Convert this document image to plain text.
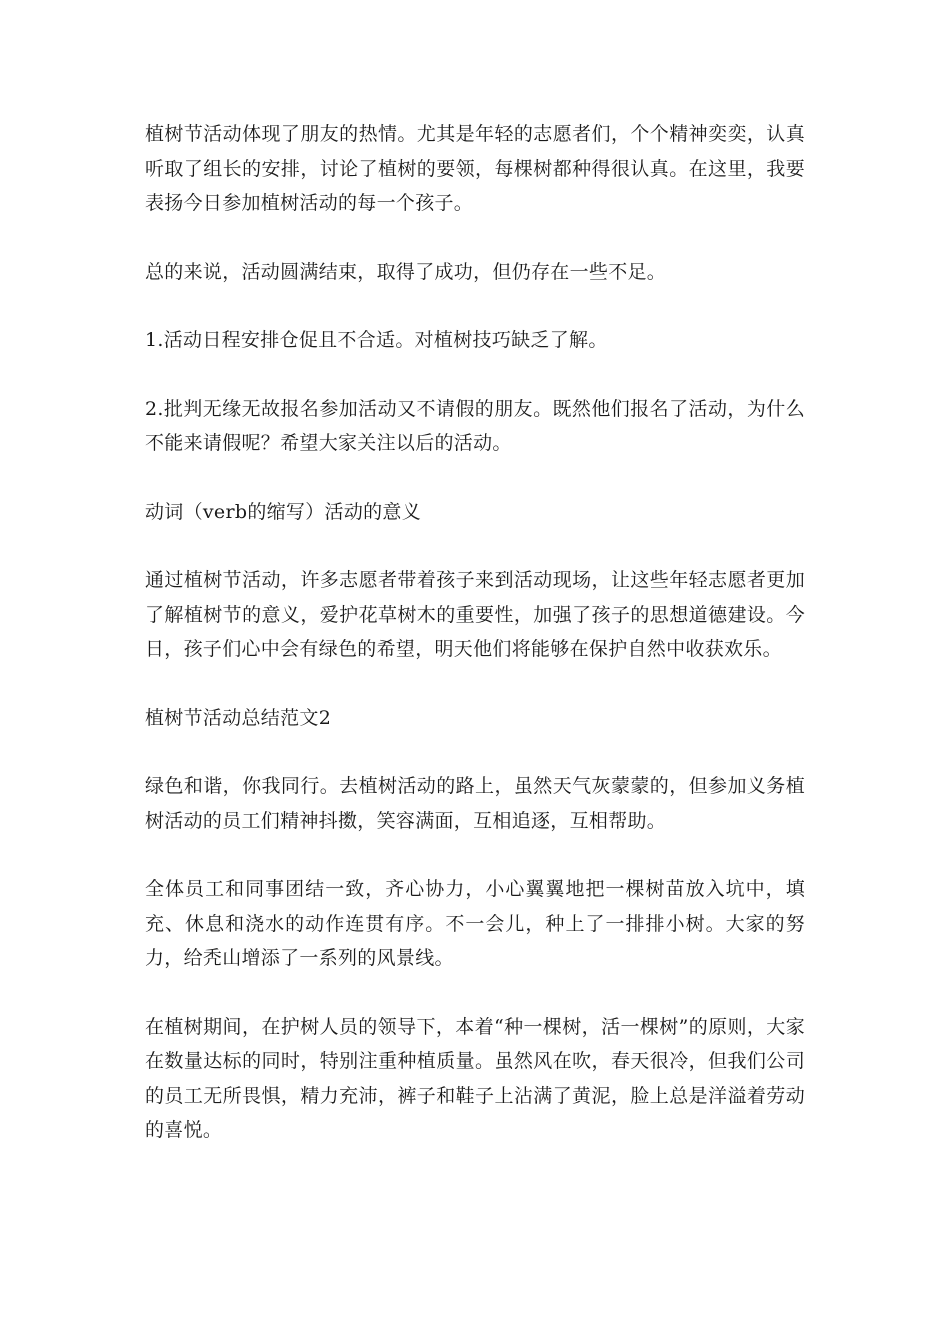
植树节活动体现了朋友的热情。尤其是年轻的志愿者们，个个精神奕奕，认真听取了组长的安排，讨论了植树的要领，每棵树都种得很认真。在这里，我要表扬今日参加植树活动的每一个孩子。

总的来说，活动圆满结束，取得了成功，但仍存在一些不足。

1.活动日程安排仓促且不合适。对植树技巧缺乏了解。

2.批判无缘无故报名参加活动又不请假的朋友。既然他们报名了活动，为什么不能来请假呢？希望大家关注以后的活动。

动词（verb的缩写）活动的意义

通过植树节活动，许多志愿者带着孩子来到活动现场，让这些年轻志愿者更加了解植树节的意义，爱护花草树木的重要性，加强了孩子的思想道德建设。今日，孩子们心中会有绿色的希望，明天他们将能够在保护自然中收获欢乐。

植树节活动总结范文2

绿色和谐，你我同行。去植树活动的路上，虽然天气灰蒙蒙的，但参加义务植树活动的员工们精神抖擞，笑容满面，互相追逐，互相帮助。

全体员工和同事团结一致，齐心协力，小心翼翼地把一棵树苗放入坑中，填充、休息和浇水的动作连贯有序。不一会儿，种上了一排排小树。大家的努力，给秃山增添了一系列的风景线。

在植树期间，在护树人员的领导下，本着“种一棵树，活一棵树”的原则，大家在数量达标的同时，特别注重种植质量。虽然风在吹，春天很冷，但我们公司的员工无所畏惧，精力充沛，裤子和鞋子上沾满了黄泥，脸上总是洋溢着劳动的喜悦。
